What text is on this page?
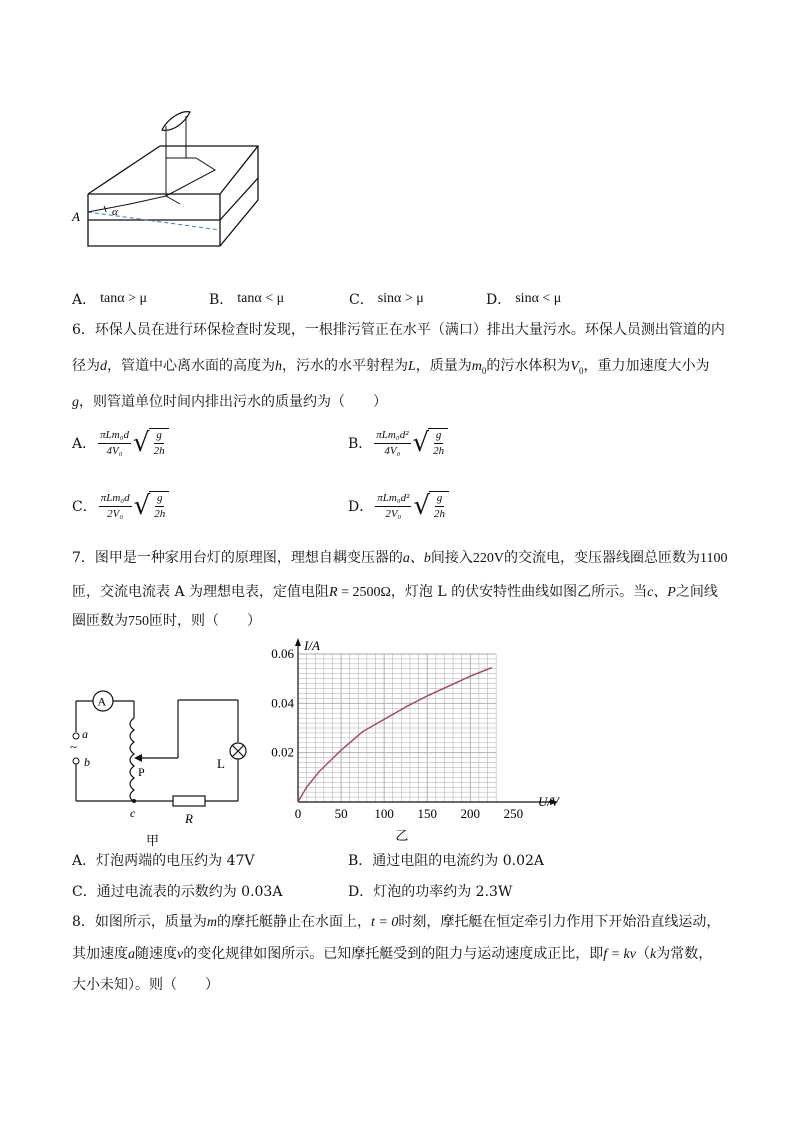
A	α
A． tanα > μ	B． tanα < μ	C． sinα > μ	D． sinα < μ
6．环保人员在进行环保检查时发现，一根排污管正在水平（满口）排出大量污水。环保人员测出管道的内
径为d，管道中心离水面的高度为h，污水的水平射程为L，质量为$m_0$的污水体积为$V_0$，重力加速度大小为
g，则管道单位时间内排出污水的质量约为（　　）
A． $\frac{\text{πLm₀d}}{\text{4V₀}}$ √ $\frac{g}{2h}$	B． $\frac{\text{πLm₀d²}}{\text{4V₀}}$ √ $\frac{g}{2h}$
C． $\frac{\text{πLm₀d}}{\text{2V₀}}$ √ $\frac{g}{2h}$	D． $\frac{\text{πLm₀d²}}{\text{2V₀}}$ √ $\frac{g}{2h}$
7．图甲是一种家用台灯的原理图，理想自耦变压器的a、b间接入220V的交流电，变压器线圈总匝数为1100
匝，交流电流表 A 为理想电表，定值电阻R = 2500Ω，灯泡 L 的伏安特性曲线如图乙所示。当c、P之间线
圈匝数为750匝时，则（　　）
A
a
~
b
P
L
c	R
甲
0	50 100 150 200 250
0.02
0.04
0.06
I/A
U/V
乙
A．灯泡两端的电压约为 47V	B．通过电阻的电流约为 0.02A
C．通过电流表的示数约为 0.03A	D．灯泡的功率约为 2.3W
8．如图所示，质量为m的摩托艇静止在水面上，t = 0时刻，摩托艇在恒定牵引力作用下开始沿直线运动，
其加速度a随速度v的变化规律如图所示。已知摩托艇受到的阻力与运动速度成正比，即f = kv（k为常数，
大小未知）。则（　　）
